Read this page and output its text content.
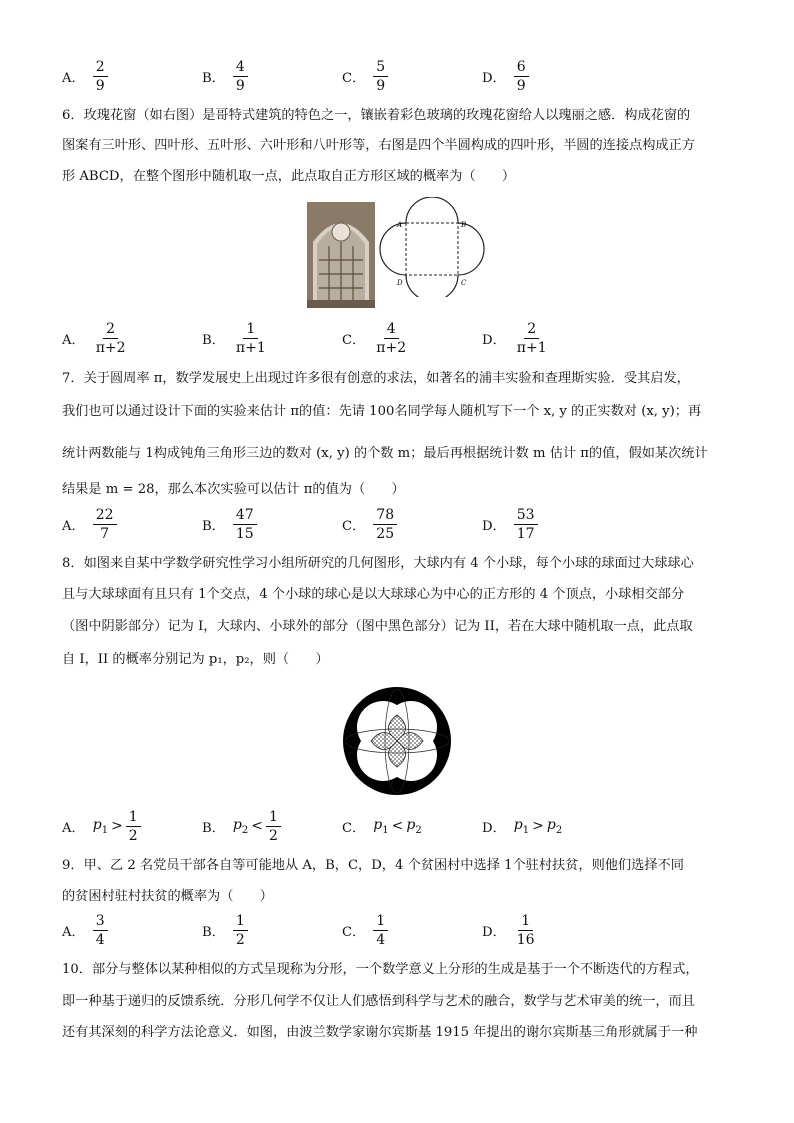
A． $\frac{2}{9}$	B． $\frac{4}{9}$	C． $\frac{5}{9}$	D． $\frac{6}{9}$
6．玫瑰花窗（如右图）是哥特式建筑的特色之一，镶嵌着彩色玻璃的玫瑰花窗给人以瑰丽之感．构成花窗的
图案有三叶形、四叶形、五叶形、六叶形和八叶形等，右图是四个半圆构成的四叶形，半圆的连接点构成正方
形 ABCD，在整个图形中随机取一点，此点取自正方形区域的概率为（　　）
A	B
C
D
A． $\frac{2}{\pi+2}$	B． $\frac{1}{\pi+1}$	C． $\frac{4}{\pi+2}$	D． $\frac{2}{\pi+1}$
7．关于圆周率 π，数学发展史上出现过许多很有创意的求法，如著名的浦丰实验和查理斯实验．受其启发，
我们也可以通过设计下面的实验来估计 π的值：先请 100名同学每人随机写下一个 x, y 的正实数对 (x, y)；再
统计两数能与 1构成钝角三角形三边的数对 (x, y) 的个数 m；最后再根据统计数 m 估计 π的值，假如某次统计
结果是 m = 28，那么本次实验可以估计 π的值为（　　）
A． $\frac{22}{7}$	B． $\frac{47}{15}$	C． $\frac{78}{25}$	D． $\frac{53}{17}$
8．如图来自某中学数学研究性学习小组所研究的几何图形，大球内有 4 个小球，每个小球的球面过大球球心
且与大球球面有且只有 1个交点，4 个小球的球心是以大球球心为中心的正方形的 4 个顶点，小球相交部分
（图中阴影部分）记为 I，大球内、小球外的部分（图中黑色部分）记为 II，若在大球中随机取一点，此点取
自 I，II 的概率分别记为 p₁，p₂，则（　　）
A． $p_1 > \frac{1}{2}$	B． $p_2 < \frac{1}{2}$	C． $p_1 < p_2$	D． $p_1 > p_2$
9．甲、乙 2 名党员干部各自等可能地从 A，B，C，D，4 个贫困村中选择 1个驻村扶贫，则他们选择不同
的贫困村驻村扶贫的概率为（　　）
A． $\frac{3}{4}$	B． $\frac{1}{2}$	C． $\frac{1}{4}$	D． $\frac{1}{16}$
10．部分与整体以某种相似的方式呈现称为分形，一个数学意义上分形的生成是基于一个不断迭代的方程式，
即一种基于递归的反馈系统．分形几何学不仅让人们感悟到科学与艺术的融合，数学与艺术审美的统一，而且
还有其深刻的科学方法论意义．如图，由波兰数学家谢尔宾斯基 1915 年提出的谢尔宾斯基三角形就属于一种
